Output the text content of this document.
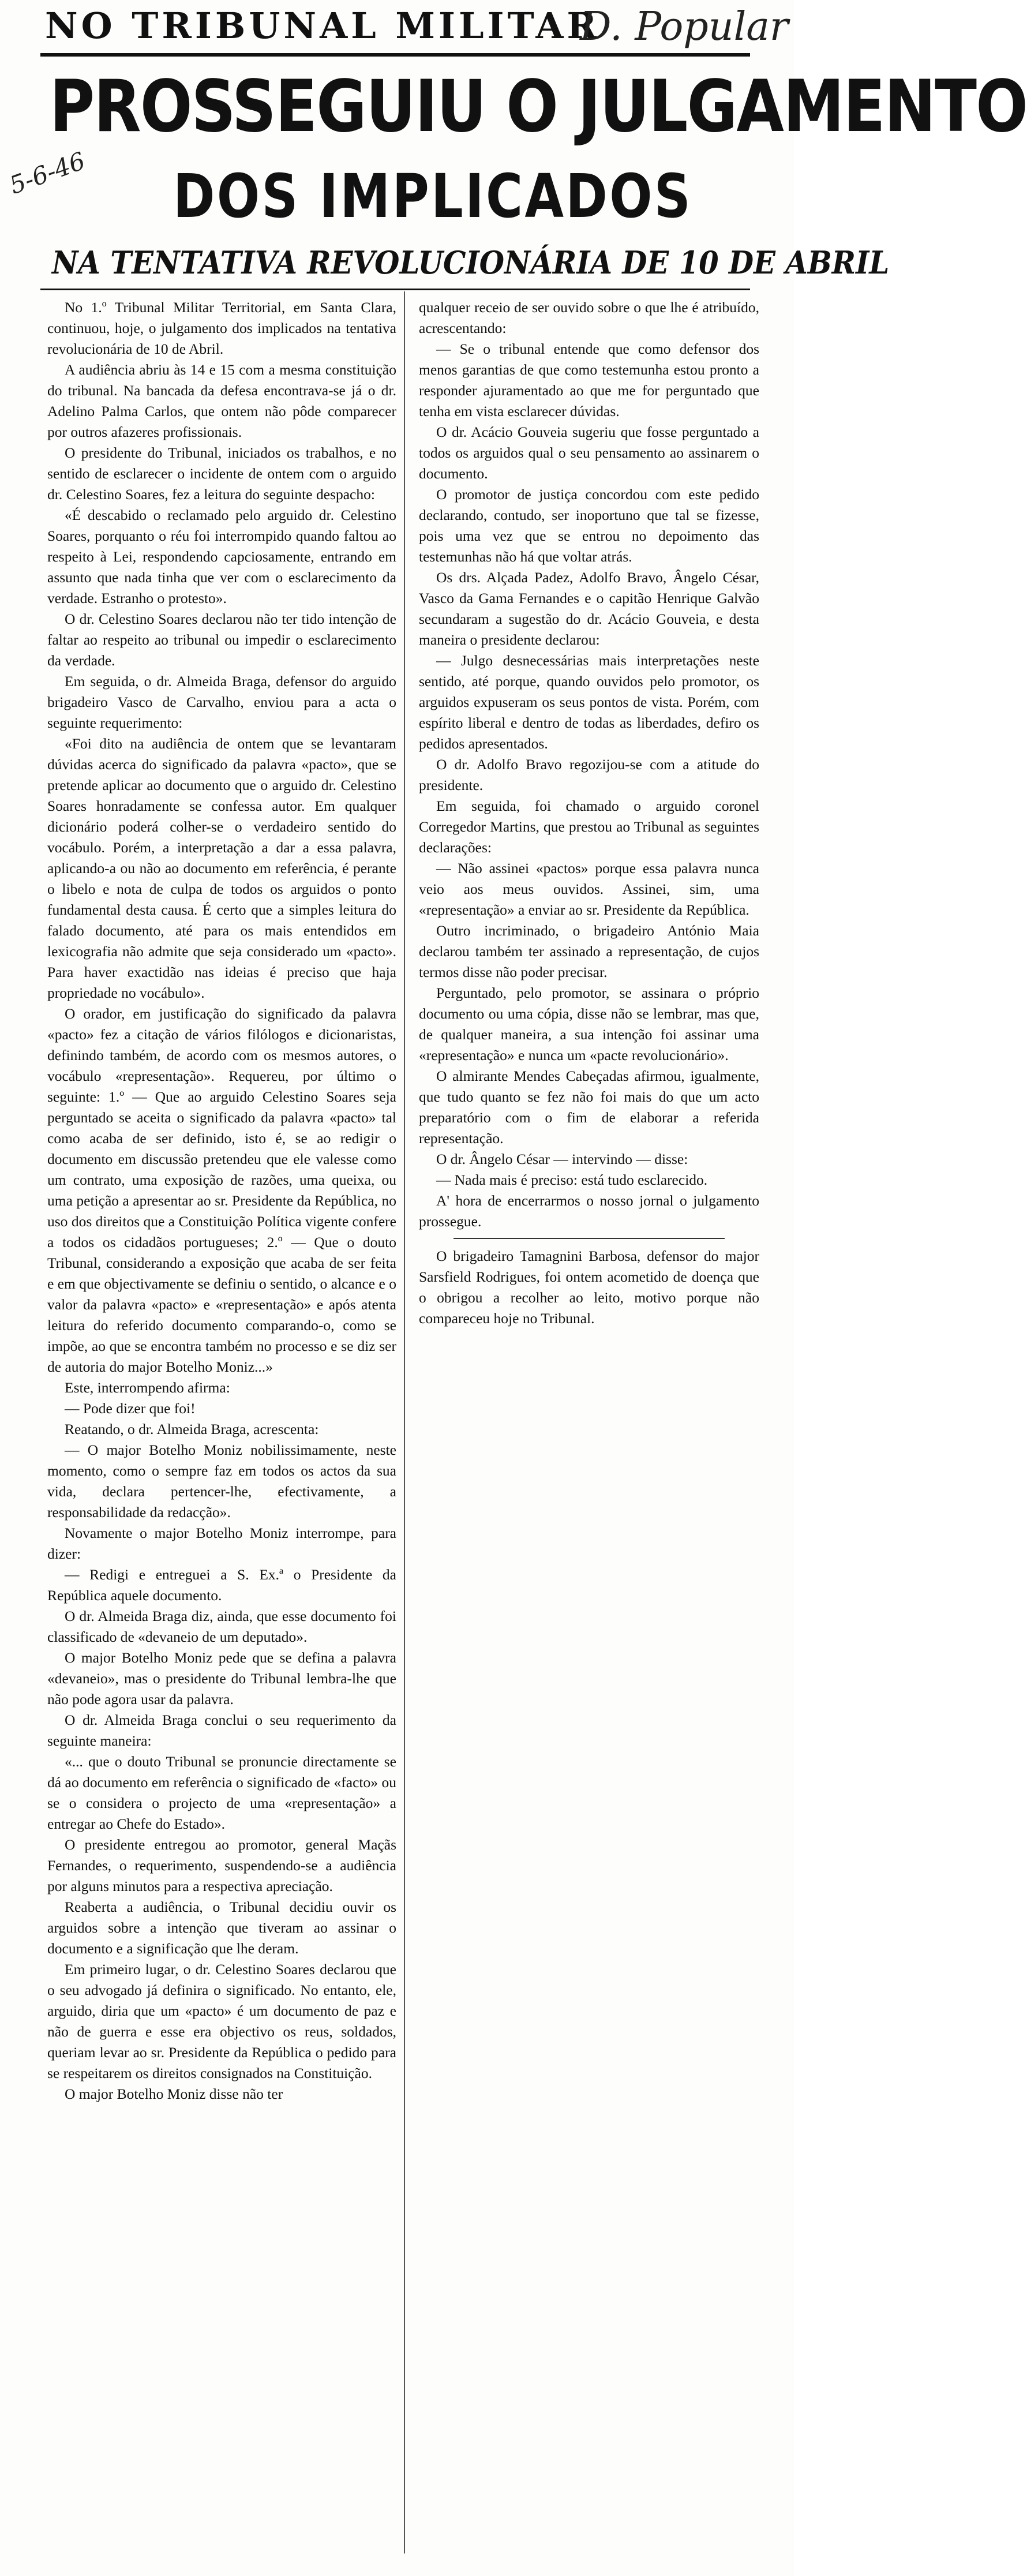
NO TRIBUNAL MILITAR
D. Popular
PROSSEGUIU O JULGAMENTO
5-6-46	DOS IMPLICADOS
NA TENTATIVA REVOLUCIONÁRIA DE 10 DE ABRIL

No 1.º Tribunal Militar Territorial, em Santa Clara, continuou, hoje, o julgamento dos implicados na tentativa revolucionária de 10 de Abril.

A audiência abriu às 14 e 15 com a mesma constituição do tribunal. Na bancada da defesa encontrava-se já o dr. Adelino Palma Carlos, que ontem não pôde comparecer por outros afazeres profissionais.

O presidente do Tribunal, iniciados os trabalhos, e no sentido de esclarecer o incidente de ontem com o arguido dr. Celestino Soares, fez a leitura do seguinte despacho:

«É descabido o reclamado pelo arguido dr. Celestino Soares, porquanto o réu foi interrompido quando faltou ao respeito à Lei, respondendo capciosamente, entrando em assunto que nada tinha que ver com o esclarecimento da verdade. Estranho o protesto».

O dr. Celestino Soares declarou não ter tido intenção de faltar ao respeito ao tribunal ou impedir o esclarecimento da verdade.

Em seguida, o dr. Almeida Braga, defensor do arguido brigadeiro Vasco de Carvalho, enviou para a acta o seguinte requerimento:

«Foi dito na audiência de ontem que se levantaram dúvidas acerca do significado da palavra «pacto», que se pretende aplicar ao documento que o arguido dr. Celestino Soares honradamente se confessa autor. Em qualquer dicionário poderá colher-se o verdadeiro sentido do vocábulo. Porém, a interpretação a dar a essa palavra, aplicando-a ou não ao documento em referência, é perante o libelo e nota de culpa de todos os arguidos o ponto fundamental desta causa. É certo que a simples leitura do falado documento, até para os mais entendidos em lexicografia não admite que seja considerado um «pacto». Para haver exactidão nas ideias é preciso que haja propriedade no vocábulo».

O orador, em justificação do significado da palavra «pacto» fez a citação de vários filólogos e dicionaristas, definindo também, de acordo com os mesmos autores, o vocábulo «representação». Requereu, por último o seguinte: 1.º — Que ao arguido Celestino Soares seja perguntado se aceita o significado da palavra «pacto» tal como acaba de ser definido, isto é, se ao redigir o documento em discussão pretendeu que ele valesse como um contrato, uma exposição de razões, uma queixa, ou uma petição a apresentar ao sr. Presidente da República, no uso dos direitos que a Constituição Política vigente confere a todos os cidadãos portugueses; 2.º — Que o douto Tribunal, considerando a exposição que acaba de ser feita e em que objectivamente se definiu o sentido, o alcance e o valor da palavra «pacto» e «representação» e após atenta leitura do referido documento comparando-o, como se impõe, ao que se encontra também no processo e se diz ser de autoria do major Botelho Moniz...»

Este, interrompendo afirma:

— Pode dizer que foi!

Reatando, o dr. Almeida Braga, acrescenta:

— O major Botelho Moniz nobilissimamente, neste momento, como o sempre faz em todos os actos da sua vida, declara pertencer-lhe, efectivamente, a responsabilidade da redacção».

Novamente o major Botelho Moniz interrompe, para dizer:

— Redigi e entreguei a S. Ex.ª o Presidente da República aquele documento.

O dr. Almeida Braga diz, ainda, que esse documento foi classificado de «devaneio de um deputado».

O major Botelho Moniz pede que se defina a palavra «devaneio», mas o presidente do Tribunal lembra-lhe que não pode agora usar da palavra.

O dr. Almeida Braga conclui o seu requerimento da seguinte maneira:

«... que o douto Tribunal se pronuncie directamente se dá ao documento em referência o significado de «facto» ou se o considera o projecto de uma «representação» a entregar ao Chefe do Estado».

O presidente entregou ao promotor, general Maçãs Fernandes, o requerimento, suspendendo-se a audiência por alguns minutos para a respectiva apreciação.

Reaberta a audiência, o Tribunal decidiu ouvir os arguidos sobre a intenção que tiveram ao assinar o documento e a significação que lhe deram.

Em primeiro lugar, o dr. Celestino Soares declarou que o seu advogado já definira o significado. No entanto, ele, arguido, diria que um «pacto» é um documento de paz e não de guerra e esse era objectivo os reus, soldados, queriam levar ao sr. Presidente da República o pedido para se respeitarem os direitos consignados na Constituição.

O major Botelho Moniz disse não ter

qualquer receio de ser ouvido sobre o que lhe é atribuído, acrescentando:

— Se o tribunal entende que como defensor dos menos garantias de que como testemunha estou pronto a responder ajuramentado ao que me for perguntado que tenha em vista esclarecer dúvidas.

O dr. Acácio Gouveia sugeriu que fosse perguntado a todos os arguidos qual o seu pensamento ao assinarem o documento.

O promotor de justiça concordou com este pedido declarando, contudo, ser inoportuno que tal se fizesse, pois uma vez que se entrou no depoimento das testemunhas não há que voltar atrás.

Os drs. Alçada Padez, Adolfo Bravo, Ângelo César, Vasco da Gama Fernandes e o capitão Henrique Galvão secundaram a sugestão do dr. Acácio Gouveia, e desta maneira o presidente declarou:

— Julgo desnecessárias mais interpretações neste sentido, até porque, quando ouvidos pelo promotor, os arguidos expuseram os seus pontos de vista. Porém, com espírito liberal e dentro de todas as liberdades, defiro os pedidos apresentados.

O dr. Adolfo Bravo regozijou-se com a atitude do presidente.

Em seguida, foi chamado o arguido coronel Corregedor Martins, que prestou ao Tribunal as seguintes declarações:

— Não assinei «pactos» porque essa palavra nunca veio aos meus ouvidos. Assinei, sim, uma «representação» a enviar ao sr. Presidente da República.

Outro incriminado, o brigadeiro António Maia declarou também ter assinado a representação, de cujos termos disse não poder precisar.

Perguntado, pelo promotor, se assinara o próprio documento ou uma cópia, disse não se lembrar, mas que, de qualquer maneira, a sua intenção foi assinar uma «representação» e nunca um «pacte revolucionário».

O almirante Mendes Cabeçadas afirmou, igualmente, que tudo quanto se fez não foi mais do que um acto preparatório com o fim de elaborar a referida representação.

O dr. Ângelo César — intervindo — disse:

— Nada mais é preciso: está tudo esclarecido.

A' hora de encerrarmos o nosso jornal o julgamento prossegue.

O brigadeiro Tamagnini Barbosa, defensor do major Sarsfield Rodrigues, foi ontem acometido de doença que o obrigou a recolher ao leito, motivo porque não compareceu hoje no Tribunal.
